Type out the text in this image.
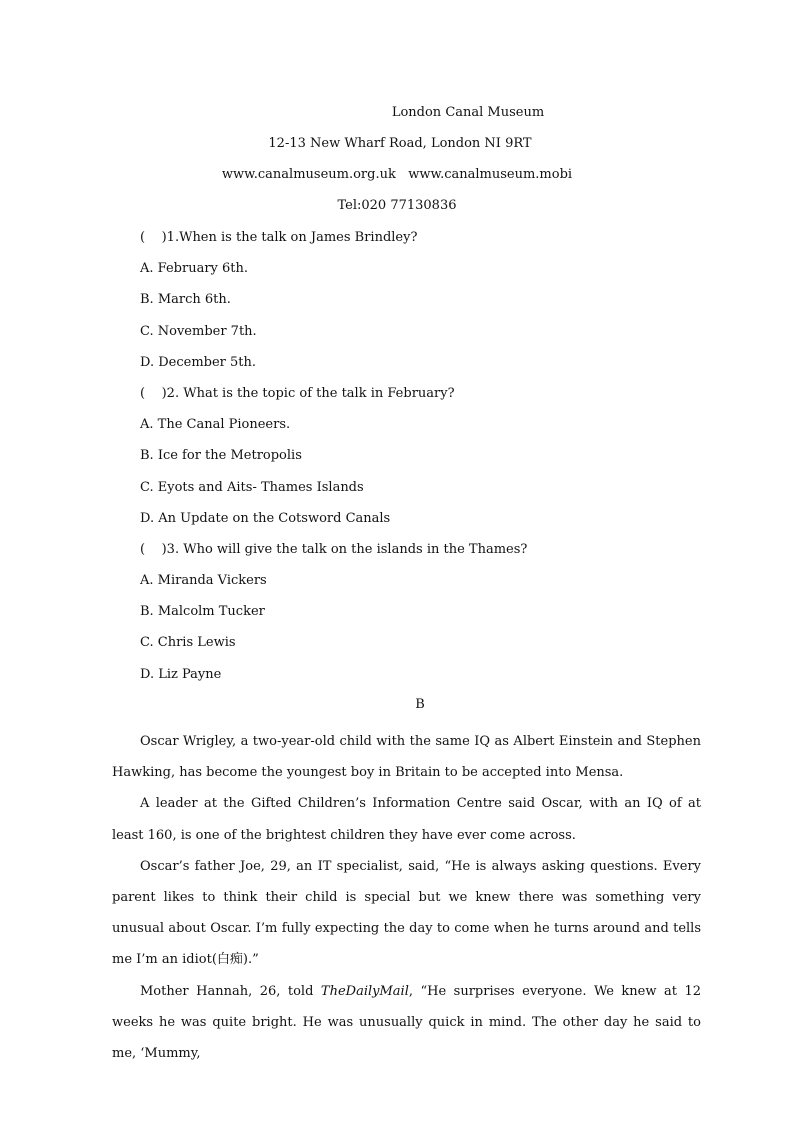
London Canal Museum
12-13 New Wharf Road, London NI 9RT
www.canalmuseum.org.uk   www.canalmuseum.mobi
Tel:020 77130836
(    )1.When is the talk on James Brindley?
A. February 6th.
B. March 6th.
C. November 7th.
D. December 5th.
(    )2. What is the topic of the talk in February?
A. The Canal Pioneers.
B. Ice for the Metropolis
C. Eyots and Aits- Thames Islands
D. An Update on the Cotsword Canals
(    )3. Who will give the talk on the islands in the Thames?
A. Miranda Vickers
B. Malcolm Tucker
C. Chris Lewis
D. Liz Payne
B

Oscar Wrigley, a two-year-old child with the same IQ as Albert Einstein and Stephen Hawking, has become the youngest boy in Britain to be accepted into Mensa.

A leader at the Gifted Children’s Information Centre said Oscar, with an IQ of at least 160, is one of the brightest children they have ever come across.

Oscar’s father Joe, 29, an IT specialist, said, “He is always asking questions. Every parent likes to think their child is special but we knew there was something very unusual about Oscar. I’m fully expecting the day to come when he turns around and tells me I’m an idiot(白痴).”

Mother Hannah, 26, told TheDailyMail, “He surprises everyone. We knew at 12 weeks he was quite bright. He was unusually quick in mind. The other day he said to me, ‘Mummy,
